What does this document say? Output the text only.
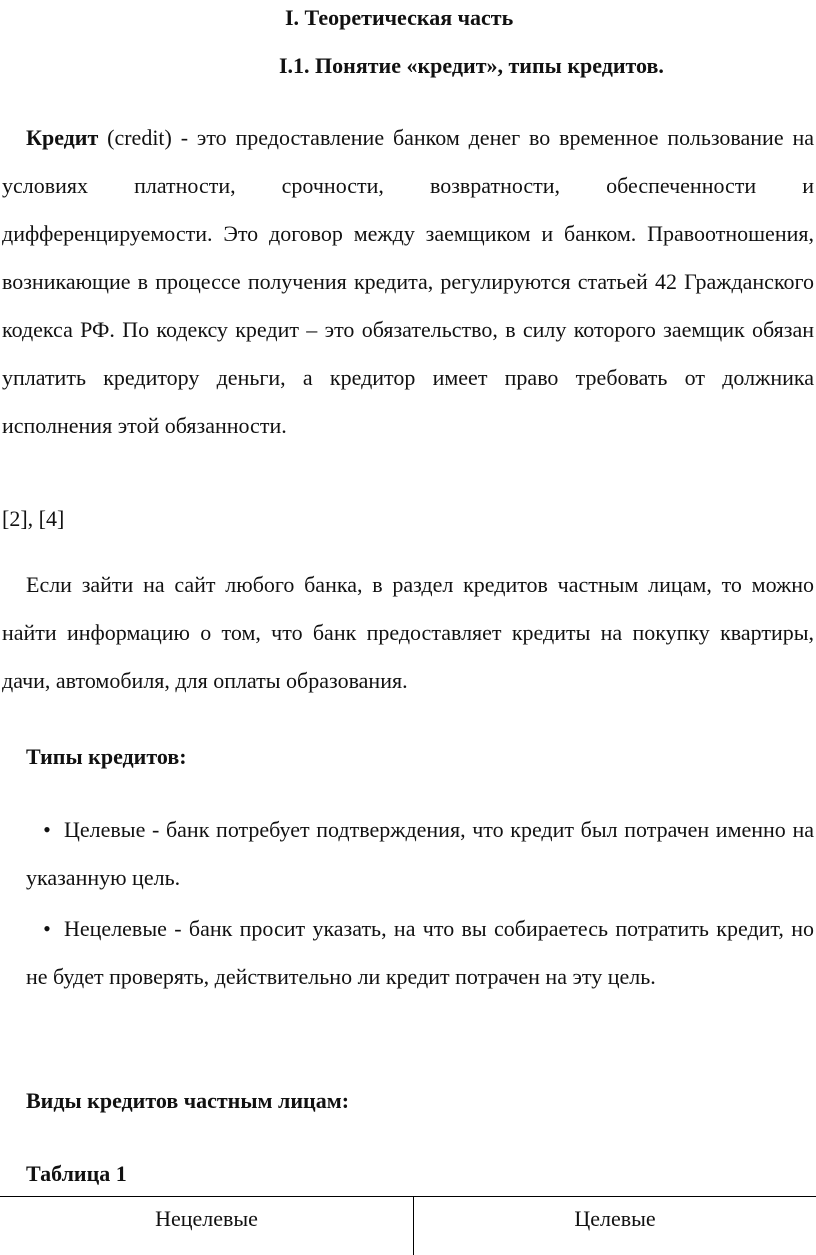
I. Теоретическая часть
I.1. Понятие «кредит», типы кредитов.
Кредит (credit) - это предоставление банком денег во временное пользование на условиях платности, срочности, возвратности, обеспеченности и дифференцируемости. Это договор между заемщиком и банком. Правоотношения, возникающие в процессе получения кредита, регулируются статьей 42 Гражданского кодекса РФ. По кодексу кредит – это обязательство, в силу которого заемщик обязан уплатить кредитору деньги, а кредитор имеет право требовать от должника исполнения этой обязанности.
[2], [4]
Если зайти на сайт любого банка, в раздел кредитов частным лицам, то можно найти информацию о том, что банк предоставляет кредиты на покупку квартиры, дачи, автомобиля, для оплаты образования.
Типы кредитов:
• Целевые - банк потребует подтверждения, что кредит был потрачен именно на указанную цель.
• Нецелевые - банк просит указать, на что вы собираетесь потратить кредит, но не будет проверять, действительно ли кредит потрачен на эту цель.
Виды кредитов частным лицам:
Таблица 1
Нецелевые	Целевые
